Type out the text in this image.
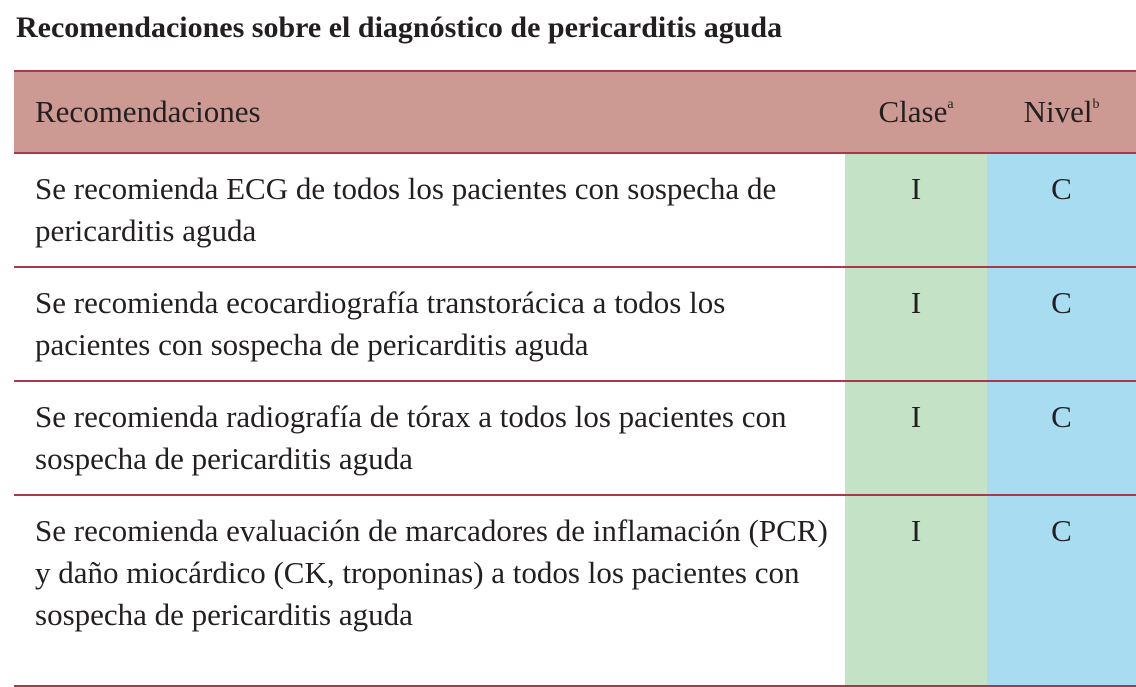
Recomendaciones sobre el diagnóstico de pericarditis aguda
Recomendaciones	Clase$^a$	Nivel$^b$
Se recomienda ECG de todos los pacientes con sospecha de pericarditis aguda	I	C
Se recomienda ecocardiografía transtorácica a todos los pacientes con sospecha de pericarditis aguda	I	C
Se recomienda radiografía de tórax a todos los pacientes con sospecha de pericarditis aguda	I	C
Se recomienda evaluación de marcadores de inflamación (PCR) y daño miocárdico (CK, troponinas) a todos los pacientes con sospecha de pericarditis aguda	I	C
